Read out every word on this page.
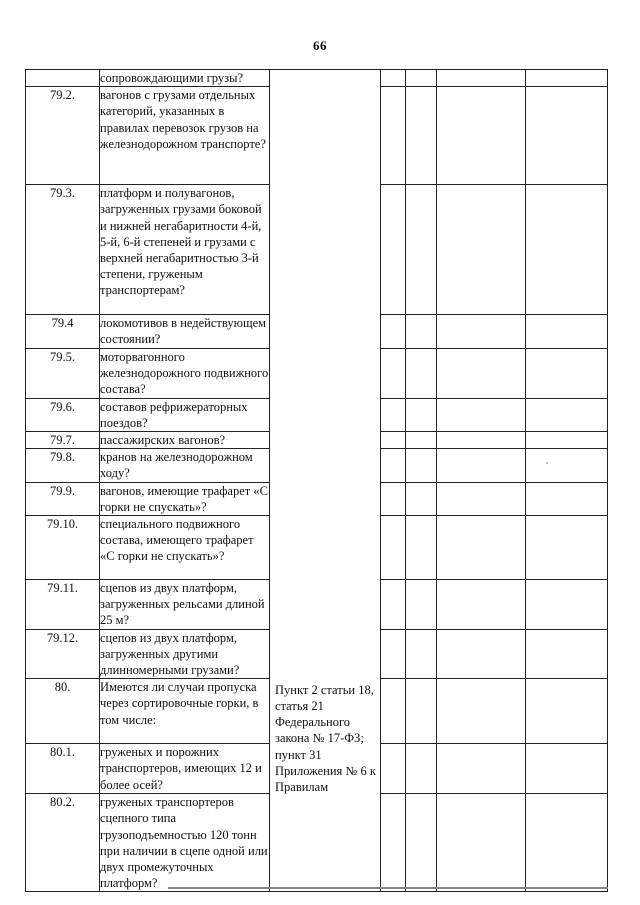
66
	сопровождающими грузы?					
79.2.	вагонов с грузами отдельных категорий, указанных в правилах перевозок грузов на железнодорожном транспорте?					
79.3.	платформ и полувагонов, загруженных грузами боковой и нижней негабаритности 4-й, 5-й, 6-й степеней и грузами с верхней негабаритностью 3-й степени, груженым транспортерам?					
79.4	локомотивов в недействующем состоянии?					
79.5.	моторвагонного железнодорожного подвижного состава?					
79.6.	составов рефрижераторных поездов?					
79.7.	пассажирских вагонов?					
79.8.	кранов на железнодорожном ходу?					
79.9.	вагонов, имеющие трафарет «С горки не спускать»?					
79.10.	специального подвижного состава, имеющего трафарет «С горки не спускать»?					
79.11.	сцепов из двух платформ, загруженных рельсами длиной 25 м?					
79.12.	сцепов из двух платформ, загруженных другими длинномерными грузами?					
80.	Имеются ли случаи пропуска через сортировочные горки, в том числе:	Пункт 2 статьи 18, статья 21 Федерального закона № 17-ФЗ; пункт 31 Приложения № 6 к Правилам				

80.1.	груженых и порожних транспортеров, имеющих 12 и более осей?					
80.2.	груженых транспортеров сцепного типа грузоподъемностью 120 тонн при наличии в сцепе одной или двух промежуточных платформ?					
